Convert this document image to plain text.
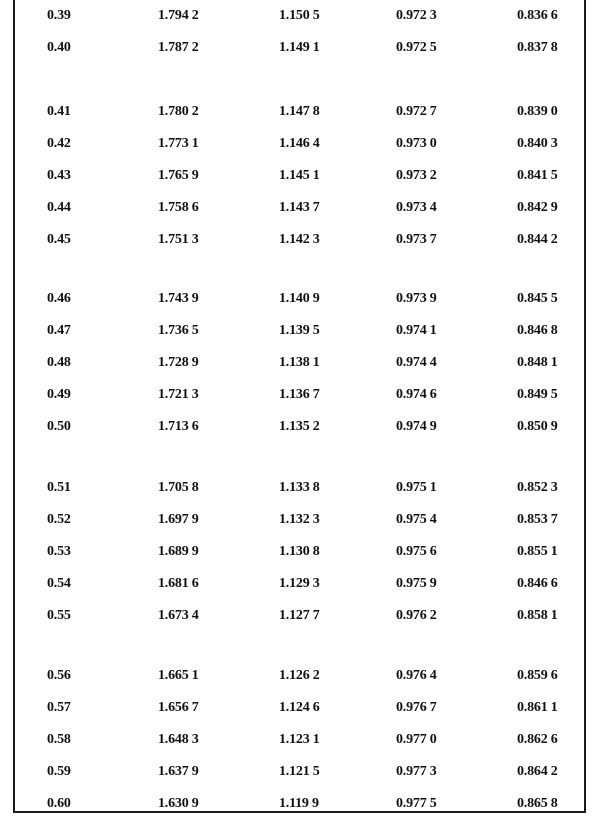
0.39	1.794 2	1.150 5	0.972 3	0.836 6
0.40	1.787 2	1.149 1	0.972 5	0.837 8
0.41	1.780 2	1.147 8	0.972 7	0.839 0
0.42	1.773 1	1.146 4	0.973 0	0.840 3
0.43	1.765 9	1.145 1	0.973 2	0.841 5
0.44	1.758 6	1.143 7	0.973 4	0.842 9
0.45	1.751 3	1.142 3	0.973 7	0.844 2
0.46	1.743 9	1.140 9	0.973 9	0.845 5
0.47	1.736 5	1.139 5	0.974 1	0.846 8
0.48	1.728 9	1.138 1	0.974 4	0.848 1
0.49	1.721 3	1.136 7	0.974 6	0.849 5
0.50	1.713 6	1.135 2	0.974 9	0.850 9
0.51	1.705 8	1.133 8	0.975 1	0.852 3
0.52	1.697 9	1.132 3	0.975 4	0.853 7
0.53	1.689 9	1.130 8	0.975 6	0.855 1
0.54	1.681 6	1.129 3	0.975 9	0.846 6
0.55	1.673 4	1.127 7	0.976 2	0.858 1
0.56	1.665 1	1.126 2	0.976 4	0.859 6
0.57	1.656 7	1.124 6	0.976 7	0.861 1
0.58	1.648 3	1.123 1	0.977 0	0.862 6
0.59	1.637 9	1.121 5	0.977 3	0.864 2
0.60	1.630 9	1.119 9	0.977 5	0.865 8
